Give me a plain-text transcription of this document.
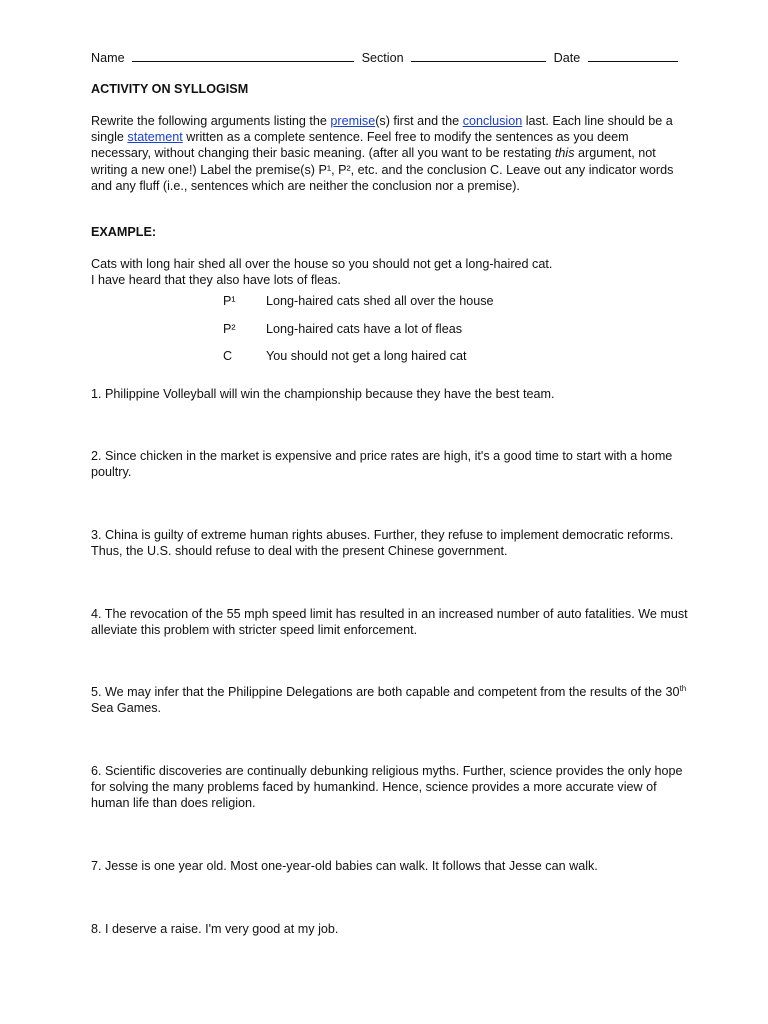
Name	Section	Date
ACTIVITY ON SYLLOGISM
Rewrite the following arguments listing the premise(s) first and the conclusion last. Each line should be a single statement written as a complete sentence. Feel free to modify the sentences as you deem necessary, without changing their basic meaning. (after all you want to be restating this argument, not writing a new one!) Label the premise(s) P¹, P², etc. and the conclusion C. Leave out any indicator words and any fluff (i.e., sentences which are neither the conclusion nor a premise).
EXAMPLE:
Cats with long hair shed all over the house so you should not get a long-haired cat.
I have heard that they also have lots of fleas.
P¹ Long-haired cats shed all over the house
P² Long-haired cats have a lot of fleas
C	You should not get a long haired cat
1. Philippine Volleyball will win the championship because they have the best team.
2. Since chicken in the market is expensive and price rates are high, it's a good time to start with a home poultry.
3. China is guilty of extreme human rights abuses. Further, they refuse to implement democratic reforms. Thus, the U.S. should refuse to deal with the present Chinese government.
4. The revocation of the 55 mph speed limit has resulted in an increased number of auto fatalities. We must alleviate this problem with stricter speed limit enforcement.
5. We may infer that the Philippine Delegations are both capable and competent from the results of the 30th Sea Games.
6. Scientific discoveries are continually debunking religious myths. Further, science provides the only hope for solving the many problems faced by humankind. Hence, science provides a more accurate view of human life than does religion.
7. Jesse is one year old. Most one-year-old babies can walk. It follows that Jesse can walk.
8. I deserve a raise. I'm very good at my job.
